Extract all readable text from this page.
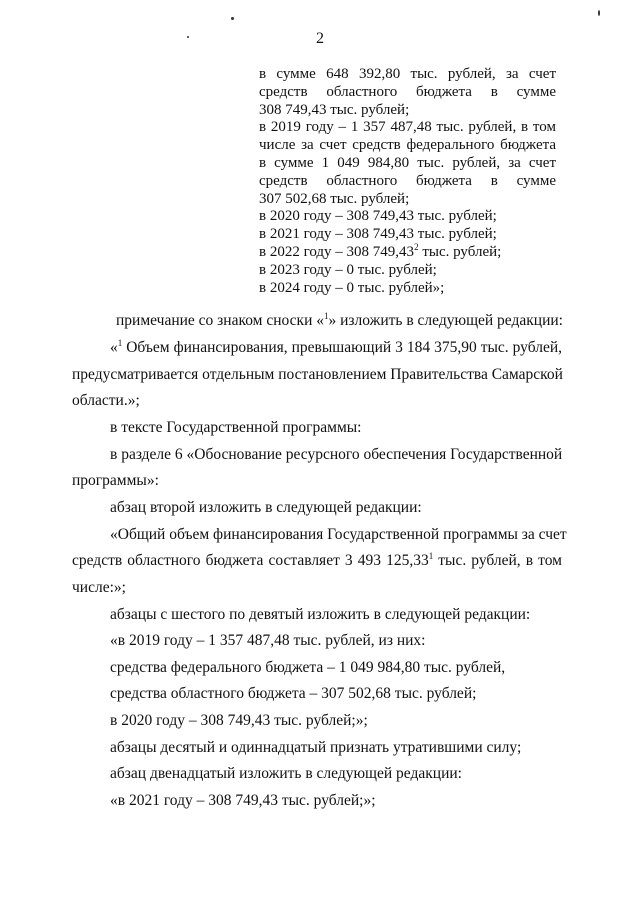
2

в сумме 648 392,80 тыс. рублей, за счет

средств областного бюджета в сумме

308 749,43 тыс. рублей;

в 2019 году – 1 357 487,48 тыс. рублей, в том

числе за счет средств федерального бюджета

в сумме 1 049 984,80 тыс. рублей, за счет

средств областного бюджета в сумме

307 502,68 тыс. рублей;

в 2020 году – 308 749,43 тыс. рублей;

в 2021 году – 308 749,43 тыс. рублей;

в 2022 году – 308 749,43$^2$ тыс. рублей;

в 2023 году – 0 тыс. рублей;

в 2024 году – 0 тыс. рублей»;

примечание со знаком сноски «$^1$» изложить в следующей редакции:
«$^1$ Объем финансирования, превышающий 3 184 375,90 тыс. рублей,
предусматривается отдельным постановлением Правительства Самарской
области.»;
в тексте Государственной программы:
в разделе 6 «Обоснование ресурсного обеспечения Государственной
программы»:
абзац второй изложить в следующей редакции:
«Общий объем финансирования Государственной программы за счет
средств областного бюджета составляет 3 493 125,33$^1$ тыс. рублей, в том
числе:»;
абзацы с шестого по девятый изложить в следующей редакции:
«в 2019 году – 1 357 487,48 тыс. рублей, из них:
средства федерального бюджета – 1 049 984,80 тыс. рублей,
средства областного бюджета – 307 502,68 тыс. рублей;
в 2020 году – 308 749,43 тыс. рублей;»;
абзацы десятый и одиннадцатый признать утратившими силу;
абзац двенадцатый изложить в следующей редакции:
«в 2021 году – 308 749,43 тыс. рублей;»;
